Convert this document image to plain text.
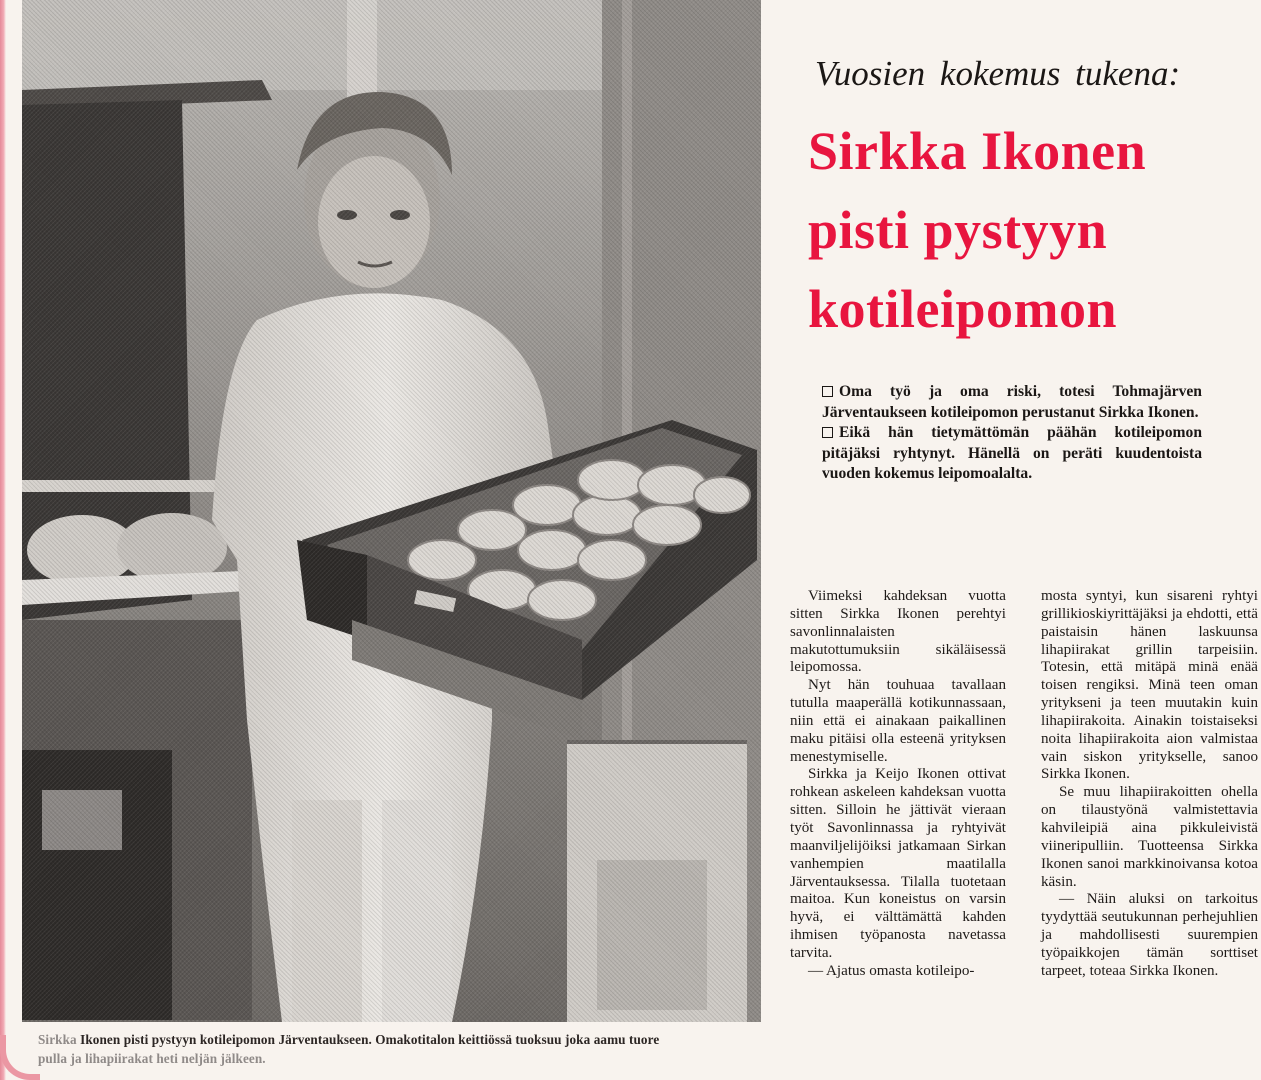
Sirkka Ikonen pisti pystyyn kotileipomon Järventaukseen. Omakotitalon keittiössä tuoksuu joka aamu tuore
pulla ja lihapiirakat heti neljän jälkeen.
Vuosien kokemus tukena:
Sirkka Ikonen
pisti pystyyn
kotileipomon

Oma työ ja oma riski, totesi Tohmajärven Järventaukseen kotileipomon perustanut Sirkka Ikonen.

Eikä hän tietymättömän päähän kotileipomon pitäjäksi ryhtynyt. Hänellä on peräti kuudentoista vuoden kokemus leipomoalalta.

Viimeksi kahdeksan vuotta sitten Sirkka Ikonen perehtyi savonlinnalaisten makutottumuksiin sikäläisessä leipomossa.

Nyt hän touhuaa tavallaan tutulla maaperällä kotikunnassaan, niin että ei ainakaan paikallinen maku pitäisi olla esteenä yrityksen menestymiselle.

Sirkka ja Keijo Ikonen ottivat rohkean askeleen kahdeksan vuotta sitten. Silloin he jättivät vieraan työt Savonlinnassa ja ryhtyivät maanviljelijöiksi jatkamaan Sirkan vanhempien maatilalla Järventauksessa. Tilalla tuotetaan maitoa. Kun koneistus on varsin hyvä, ei välttämättä kahden ihmisen työpanosta navetassa tarvita.

— Ajatus omasta kotileipo-

mosta syntyi, kun sisareni ryhtyi grillikioskiyrittäjäksi ja ehdotti, että paistaisin hänen laskuunsa lihapiirakat grillin tarpeisiin. Totesin, että mitäpä minä enää toisen rengiksi. Minä teen oman yritykseni ja teen muutakin kuin lihapiirakoita. Ainakin toistaiseksi noita lihapiirakoita aion valmistaa vain siskon yritykselle, sanoo Sirkka Ikonen.

Se muu lihapiirakoitten ohella on tilaustyönä valmistettavia kahvileipiä aina pikkuleivistä viineripulliin. Tuotteensa Sirkka Ikonen sanoi markkinoivansa kotoa käsin.

— Näin aluksi on tarkoitus tyydyttää seutukunnan perhejuhlien ja mahdollisesti suurempien työpaikkojen tämän sorttiset tarpeet, toteaa Sirkka Ikonen.
